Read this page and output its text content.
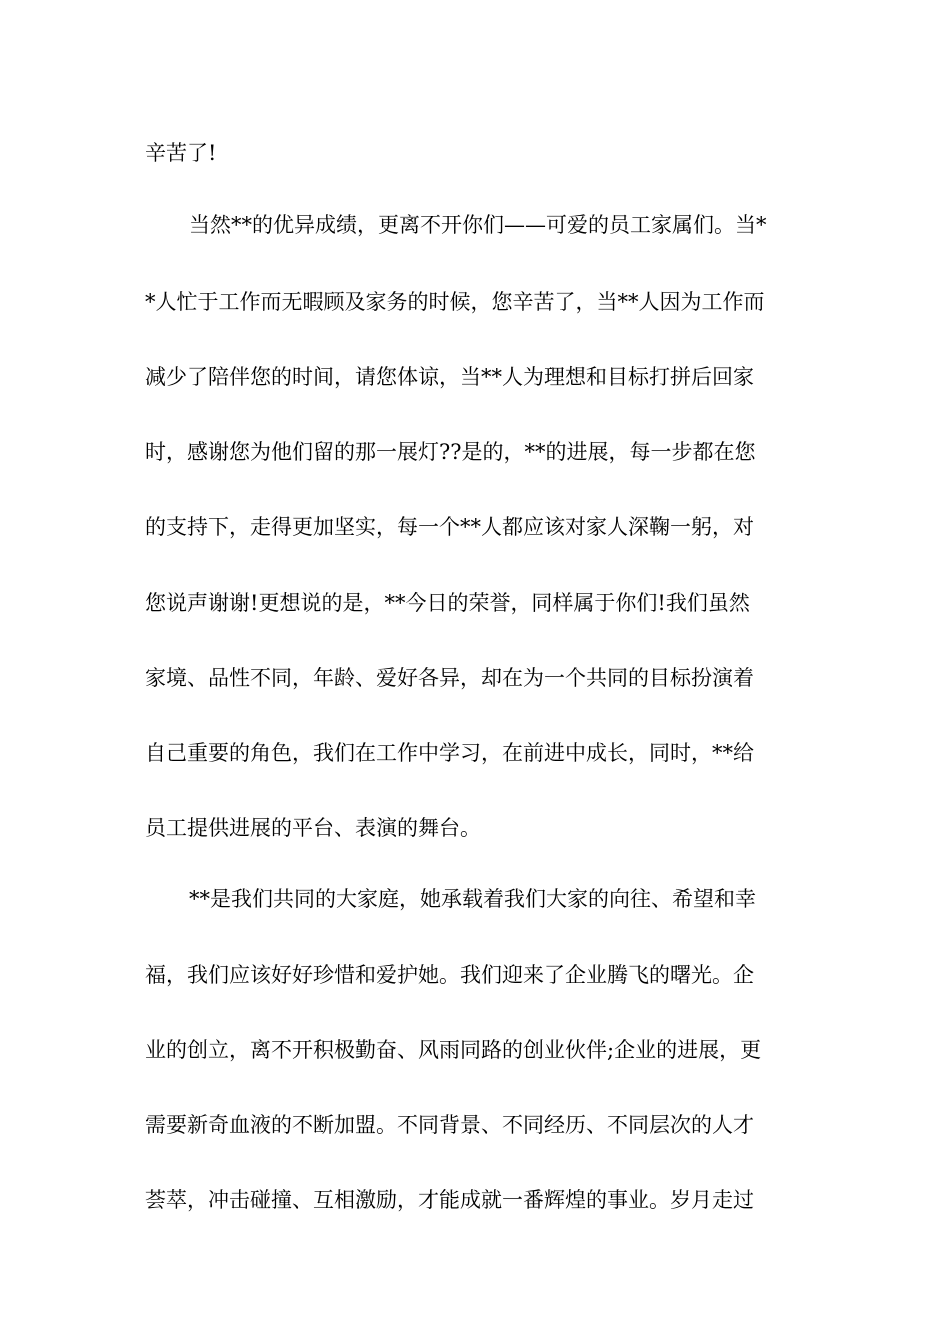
辛苦了!
当然**的优异成绩，更离不开你们——可爱的员工家属们。当*
*人忙于工作而无暇顾及家务的时候，您辛苦了，当**人因为工作而
减少了陪伴您的时间，请您体谅，当**人为理想和目标打拼后回家
时，感谢您为他们留的那一展灯??是的，**的进展，每一步都在您
的支持下，走得更加坚实，每一个**人都应该对家人深鞠一躬，对
您说声谢谢!更想说的是，**今日的荣誉，同样属于你们!我们虽然
家境、品性不同，年龄、爱好各异，却在为一个共同的目标扮演着
自己重要的角色，我们在工作中学习，在前进中成长，同时，**给
员工提供进展的平台、表演的舞台。
**是我们共同的大家庭，她承载着我们大家的向往、希望和幸
福，我们应该好好珍惜和爱护她。我们迎来了企业腾飞的曙光。企
业的创立，离不开积极勤奋、风雨同路的创业伙伴;企业的进展，更
需要新奇血液的不断加盟。不同背景、不同经历、不同层次的人才
荟萃，冲击碰撞、互相激励，才能成就一番辉煌的事业。岁月走过
